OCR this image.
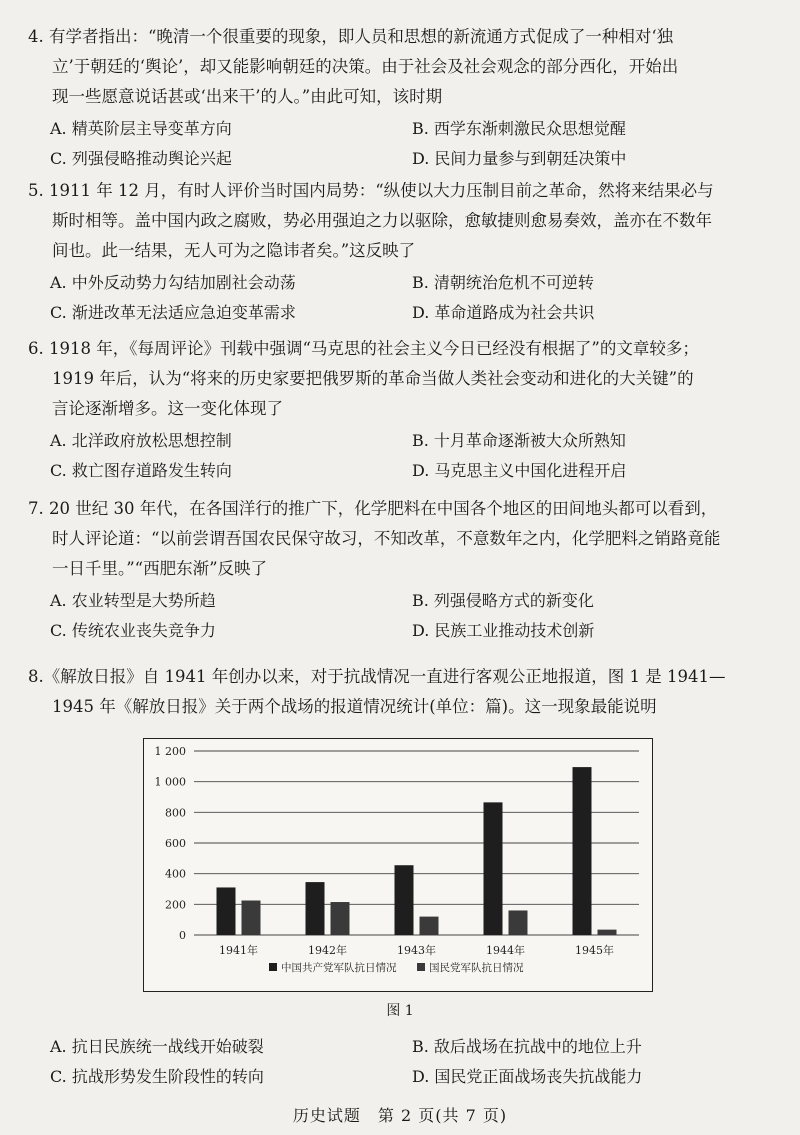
4. 有学者指出：“晚清一个很重要的现象，即人员和思想的新流通方式促成了一种相对‘独
立’于朝廷的‘舆论’，却又能影响朝廷的决策。由于社会及社会观念的部分西化，开始出
现一些愿意说话甚或‘出来干’的人。”由此可知，该时期
A. 精英阶层主导变革方向	B. 西学东渐刺激民众思想觉醒
C. 列强侵略推动舆论兴起	D. 民间力量参与到朝廷决策中
5. 1911 年 12 月，有时人评价当时国内局势：“纵使以大力压制目前之革命，然将来结果必与
斯时相等。盖中国内政之腐败，势必用强迫之力以驱除，愈敏捷则愈易奏效，盖亦在不数年
间也。此一结果，无人可为之隐讳者矣。”这反映了
A. 中外反动势力勾结加剧社会动荡	B. 清朝统治危机不可逆转
C. 渐进改革无法适应急迫变革需求	D. 革命道路成为社会共识
6. 1918 年，《每周评论》刊载中强调“马克思的社会主义今日已经没有根据了”的文章较多；
1919 年后，认为“将来的历史家要把俄罗斯的革命当做人类社会变动和进化的大关键”的
言论逐渐增多。这一变化体现了
A. 北洋政府放松思想控制	B. 十月革命逐渐被大众所熟知
C. 救亡图存道路发生转向	D. 马克思主义中国化进程开启
7. 20 世纪 30 年代，在各国洋行的推广下，化学肥料在中国各个地区的田间地头都可以看到，
时人评论道：“以前尝谓吾国农民保守故习，不知改革，不意数年之内，化学肥料之销路竟能
一日千里。”“西肥东渐”反映了
A. 农业转型是大势所趋	B. 列强侵略方式的新变化
C. 传统农业丧失竞争力	D. 民族工业推动技术创新
8.《解放日报》自 1941 年创办以来，对于抗战情况一直进行客观公正地报道，图 1 是 1941—
1945 年《解放日报》关于两个战场的报道情况统计(单位：篇)。这一现象最能说明
0
200
400
600
800
1 000
1 200
1941年	1942年	1943年	1944年	1945年
中国共产党军队抗日情况	国民党军队抗日情况
图 1
A. 抗日民族统一战线开始破裂	B. 敌后战场在抗战中的地位上升
C. 抗战形势发生阶段性的转向	D. 国民党正面战场丧失抗战能力
历史试题　第 2 页(共 7 页)
